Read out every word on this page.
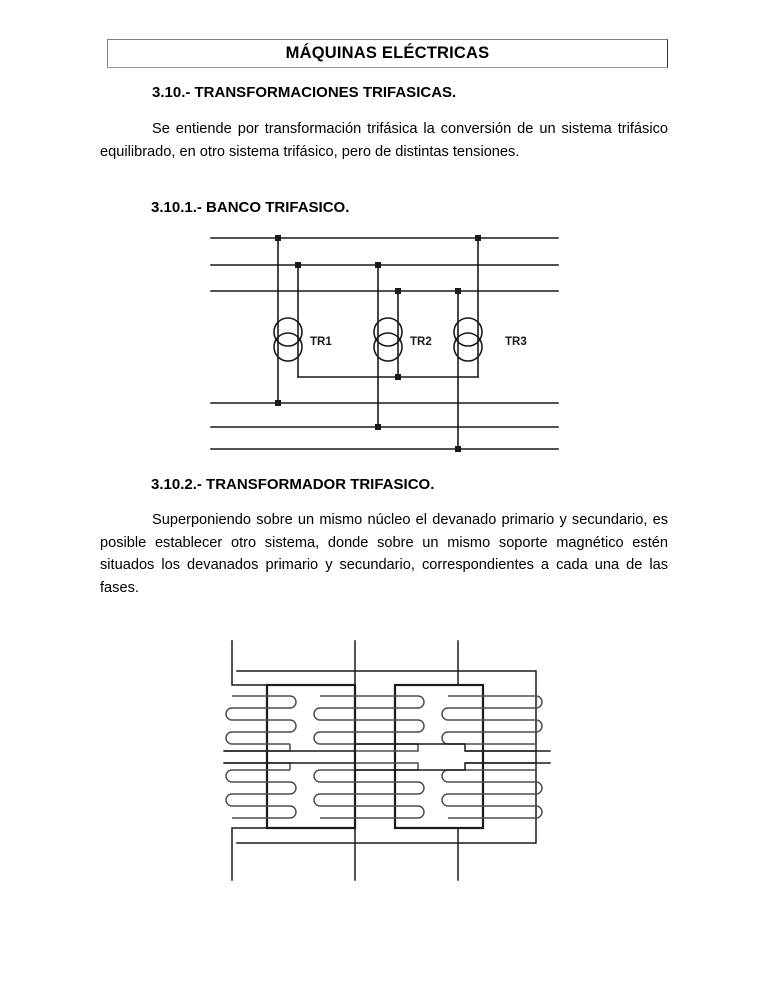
MÁQUINAS ELÉCTRICAS
3.10.- TRANSFORMACIONES TRIFASICAS.
Se entiende por transformación trifásica la conversión de un sistema trifásico equilibrado, en otro sistema trifásico, pero de distintas tensiones.
3.10.1.- BANCO TRIFASICO.
TR1	TR2	TR3
3.10.2.- TRANSFORMADOR TRIFASICO.
Superponiendo sobre un mismo núcleo el devanado primario y secundario, es posible establecer otro sistema, donde sobre un mismo soporte magnético estén situados los devanados primario y secundario, correspondientes a cada una de las fases.
